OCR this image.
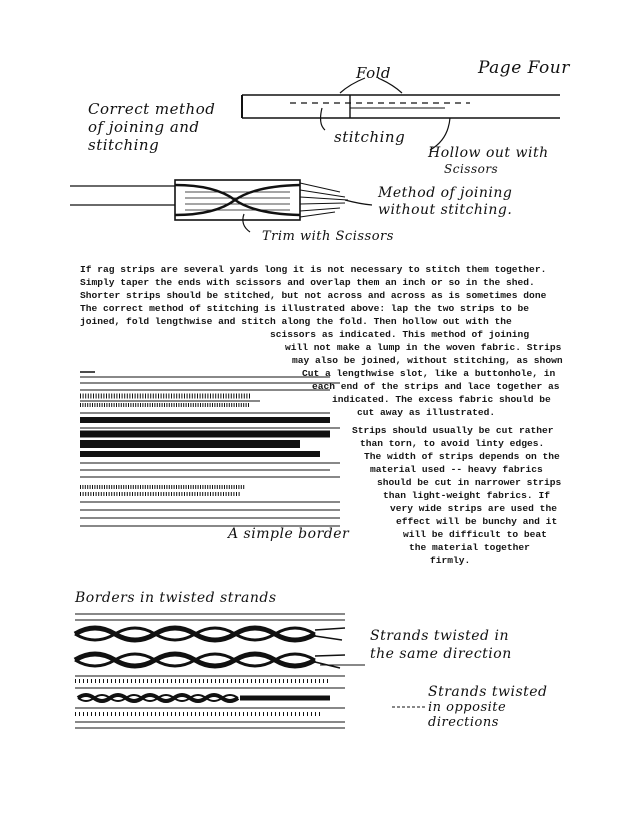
Page Four
Correct method
of joining and
stitching
Fold
stitching
Hollow out with
Scissors
Method of joining
without stitching.
Trim with Scissors
If rag strips are several yards long it is not necessary to stitch them together.
Simply taper the ends with scissors and overlap them an inch or so in the shed.
Shorter strips should be stitched, but not across and across as is sometimes done
The correct method of stitching is illustrated above: lap the two strips to be
joined, fold lengthwise and stitch along the fold. Then hollow out with the
scissors as indicated. This method of joining
will not make a lump in the woven fabric. Strips
may also be joined, without stitching, as shown
Cut a lengthwise slot, like a buttonhole, in
each end of the strips and lace together as
indicated. The excess fabric should be
cut away as illustrated.
Strips should usually be cut rather
than torn, to avoid linty edges.
The width of strips depends on the
material used -- heavy fabrics
should be cut in narrower strips
than light-weight fabrics. If
very wide strips are used the
effect will be bunchy and it
will be difficult to beat
the material together
firmly.
A simple border
Borders in twisted strands
Strands twisted in
the same direction
Strands twisted
in opposite
directions
